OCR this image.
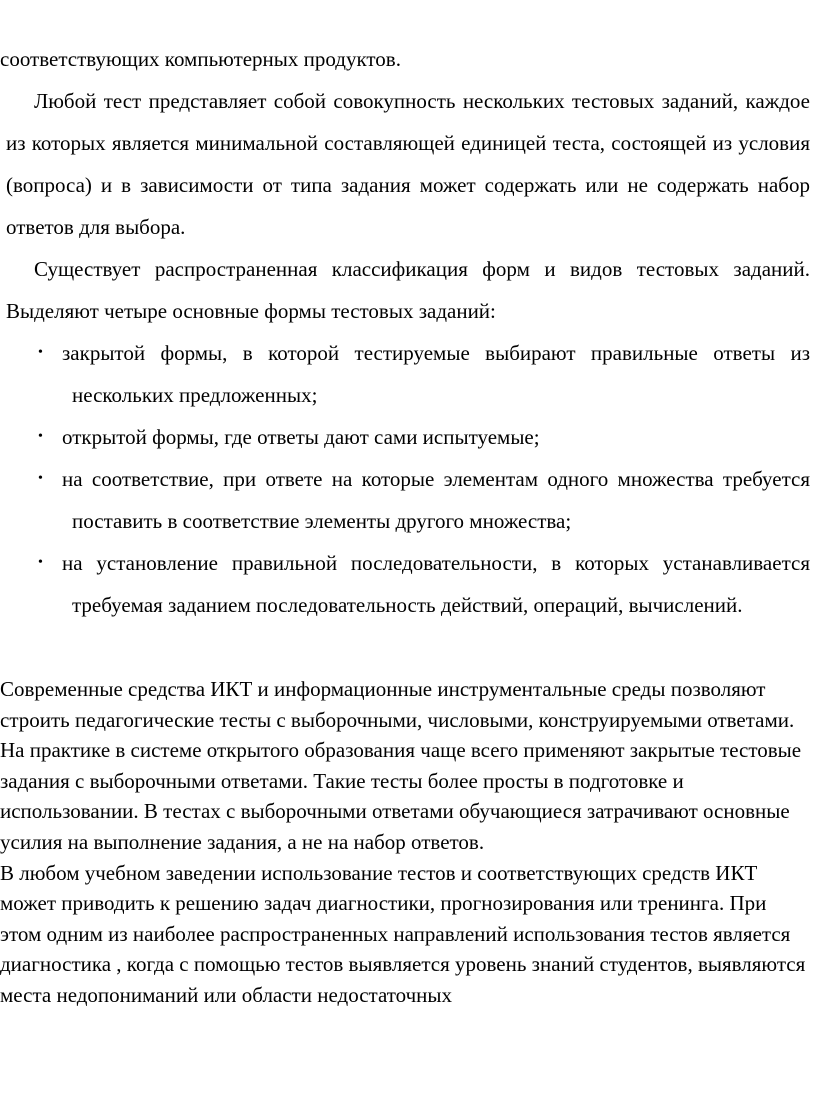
соответствующих компьютерных продуктов.

Любой тест представляет собой совокупность нескольких тестовых заданий, каждое из которых является минимальной составляющей единицей теста, состоящей из условия (вопроса) и в зависимости от типа задания может содержать или не содержать набор ответов для выбора.

Существует распространенная классификация форм и видов тестовых заданий. Выделяют четыре основные формы тестовых заданий:

• закрытой формы, в которой тестируемые выбирают правильные ответы из нескольких предложенных;
• открытой формы, где ответы дают сами испытуемые;
• на соответствие, при ответе на которые элементам одного множества требуется поставить в соответствие элементы другого множества;
• на установление правильной последовательности, в которых устанавливается требуемая заданием последовательность действий, операций, вычислений.

Современные средства ИКТ и информационные инструментальные среды позволяют строить педагогические тесты с выборочными, числовыми, конструируемыми ответами. На практике в системе открытого образования чаще всего применяют закрытые тестовые задания с выборочными ответами. Такие тесты более просты в подготовке и использовании. В тестах с выборочными ответами обучающиеся затрачивают основные усилия на выполнение задания, а не на набор ответов.

В любом учебном заведении использование тестов и соответствующих средств ИКТ может приводить к решению задач диагностики, прогнозирования или тренинга. При этом одним из наиболее распространенных направлений использования тестов является диагностика , когда с помощью тестов выявляется уровень знаний студентов, выявляются места недопониманий или области недостаточных
